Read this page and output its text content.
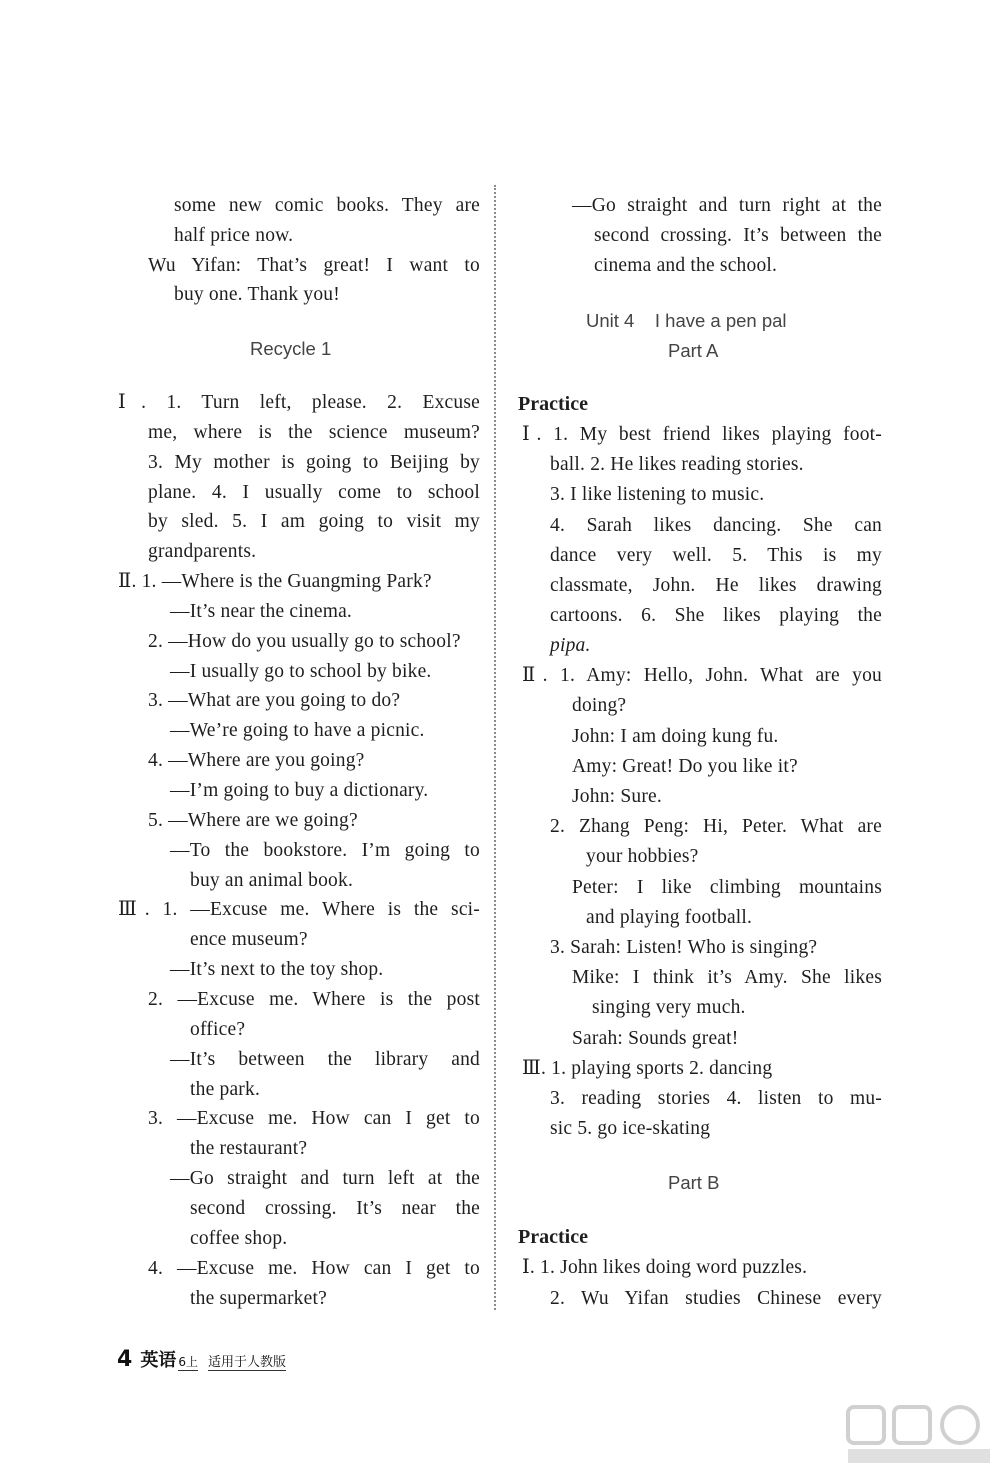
some new comic books. They are
half price now.
Wu Yifan: That’s great! I want to
buy one. Thank you!
Recycle 1
Ⅰ. 1. Turn left, please. 2. Excuse
me, where is the science museum?
3. My mother is going to Beijing by
plane. 4. I usually come to school
by sled. 5. I am going to visit my
grandparents.
Ⅱ. 1. —Where is the Guangming Park?
—It’s near the cinema.
2. —How do you usually go to school?
—I usually go to school by bike.
3. —What are you going to do?
—We’re going to have a picnic.
4. —Where are you going?
—I’m going to buy a dictionary.
5. —Where are we going?
—To the bookstore. I’m going to
buy an animal book.
Ⅲ. 1. —Excuse me. Where is the sci-
ence museum?
—It’s next to the toy shop.
2. —Excuse me. Where is the post
office?
—It’s between the library and
the park.
3. —Excuse me. How can I get to
the restaurant?
—Go straight and turn left at the
second crossing. It’s near the
coffee shop.
4. —Excuse me. How can I get to
the supermarket?
—Go straight and turn right at the
second crossing. It’s between the
cinema and the school.
Unit 4    I have a pen pal
Part A
Practice
Ⅰ. 1. My best friend likes playing foot-
ball. 2. He likes reading stories.
3. I like listening to music.
4. Sarah likes dancing. She can
dance very well. 5. This is my
classmate, John. He likes drawing
cartoons. 6. She likes playing the
pipa.
Ⅱ. 1. Amy: Hello, John. What are you
doing?
John: I am doing kung fu.
Amy: Great! Do you like it?
John: Sure.
2. Zhang Peng: Hi, Peter. What are
your hobbies?
Peter: I like climbing mountains
and playing football.
3. Sarah: Listen! Who is singing?
Mike: I think it’s Amy. She likes
singing very much.
Sarah: Sounds great!
Ⅲ. 1. playing sports 2. dancing
3. reading stories 4. listen to mu-
sic 5. go ice-skating
Part B
Practice
Ⅰ. 1. John likes doing word puzzles.
2. Wu Yifan studies Chinese every
4 英语 6上 适用于人教版
